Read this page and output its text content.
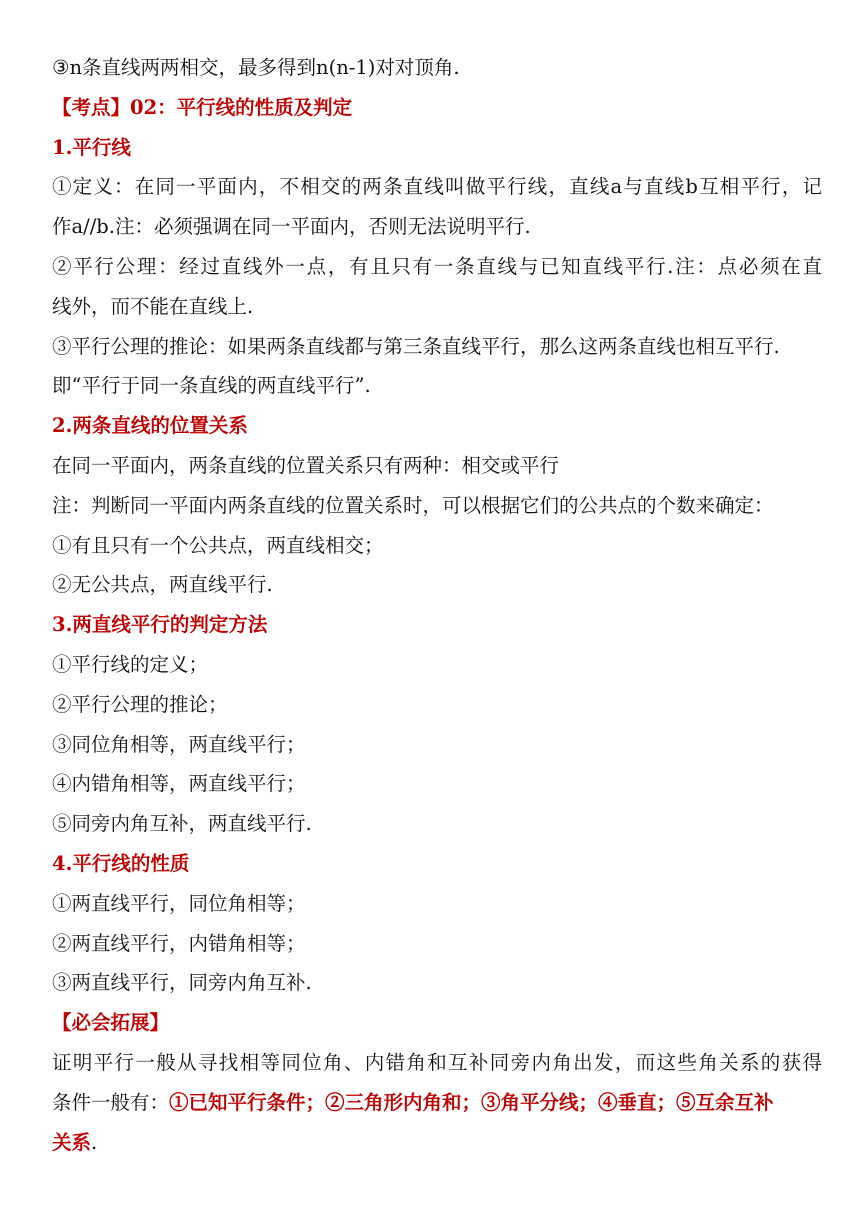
③n条直线两两相交，最多得到n(n-1)对对顶角.
【考点】02：平行线的性质及判定
1.平行线
①定义：在同一平面内，不相交的两条直线叫做平行线，直线a与直线b互相平行，记
作a//b.注：必须强调在同一平面内，否则无法说明平行.
②平行公理：经过直线外一点，有且只有一条直线与已知直线平行.注：点必须在直
线外，而不能在直线上.
③平行公理的推论：如果两条直线都与第三条直线平行，那么这两条直线也相互平行.
即“平行于同一条直线的两直线平行”.
2.两条直线的位置关系
在同一平面内，两条直线的位置关系只有两种：相交或平行
注：判断同一平面内两条直线的位置关系时，可以根据它们的公共点的个数来确定：
①有且只有一个公共点，两直线相交；
②无公共点，两直线平行.
3.两直线平行的判定方法
①平行线的定义；
②平行公理的推论；
③同位角相等，两直线平行；
④内错角相等，两直线平行；
⑤同旁内角互补，两直线平行.
4.平行线的性质
①两直线平行，同位角相等；
②两直线平行，内错角相等；
③两直线平行，同旁内角互补.
【必会拓展】
证明平行一般从寻找相等同位角、内错角和互补同旁内角出发，而这些角关系的获得
条件一般有：①已知平行条件；②三角形内角和；③角平分线；④垂直；⑤互余互补
关系.
